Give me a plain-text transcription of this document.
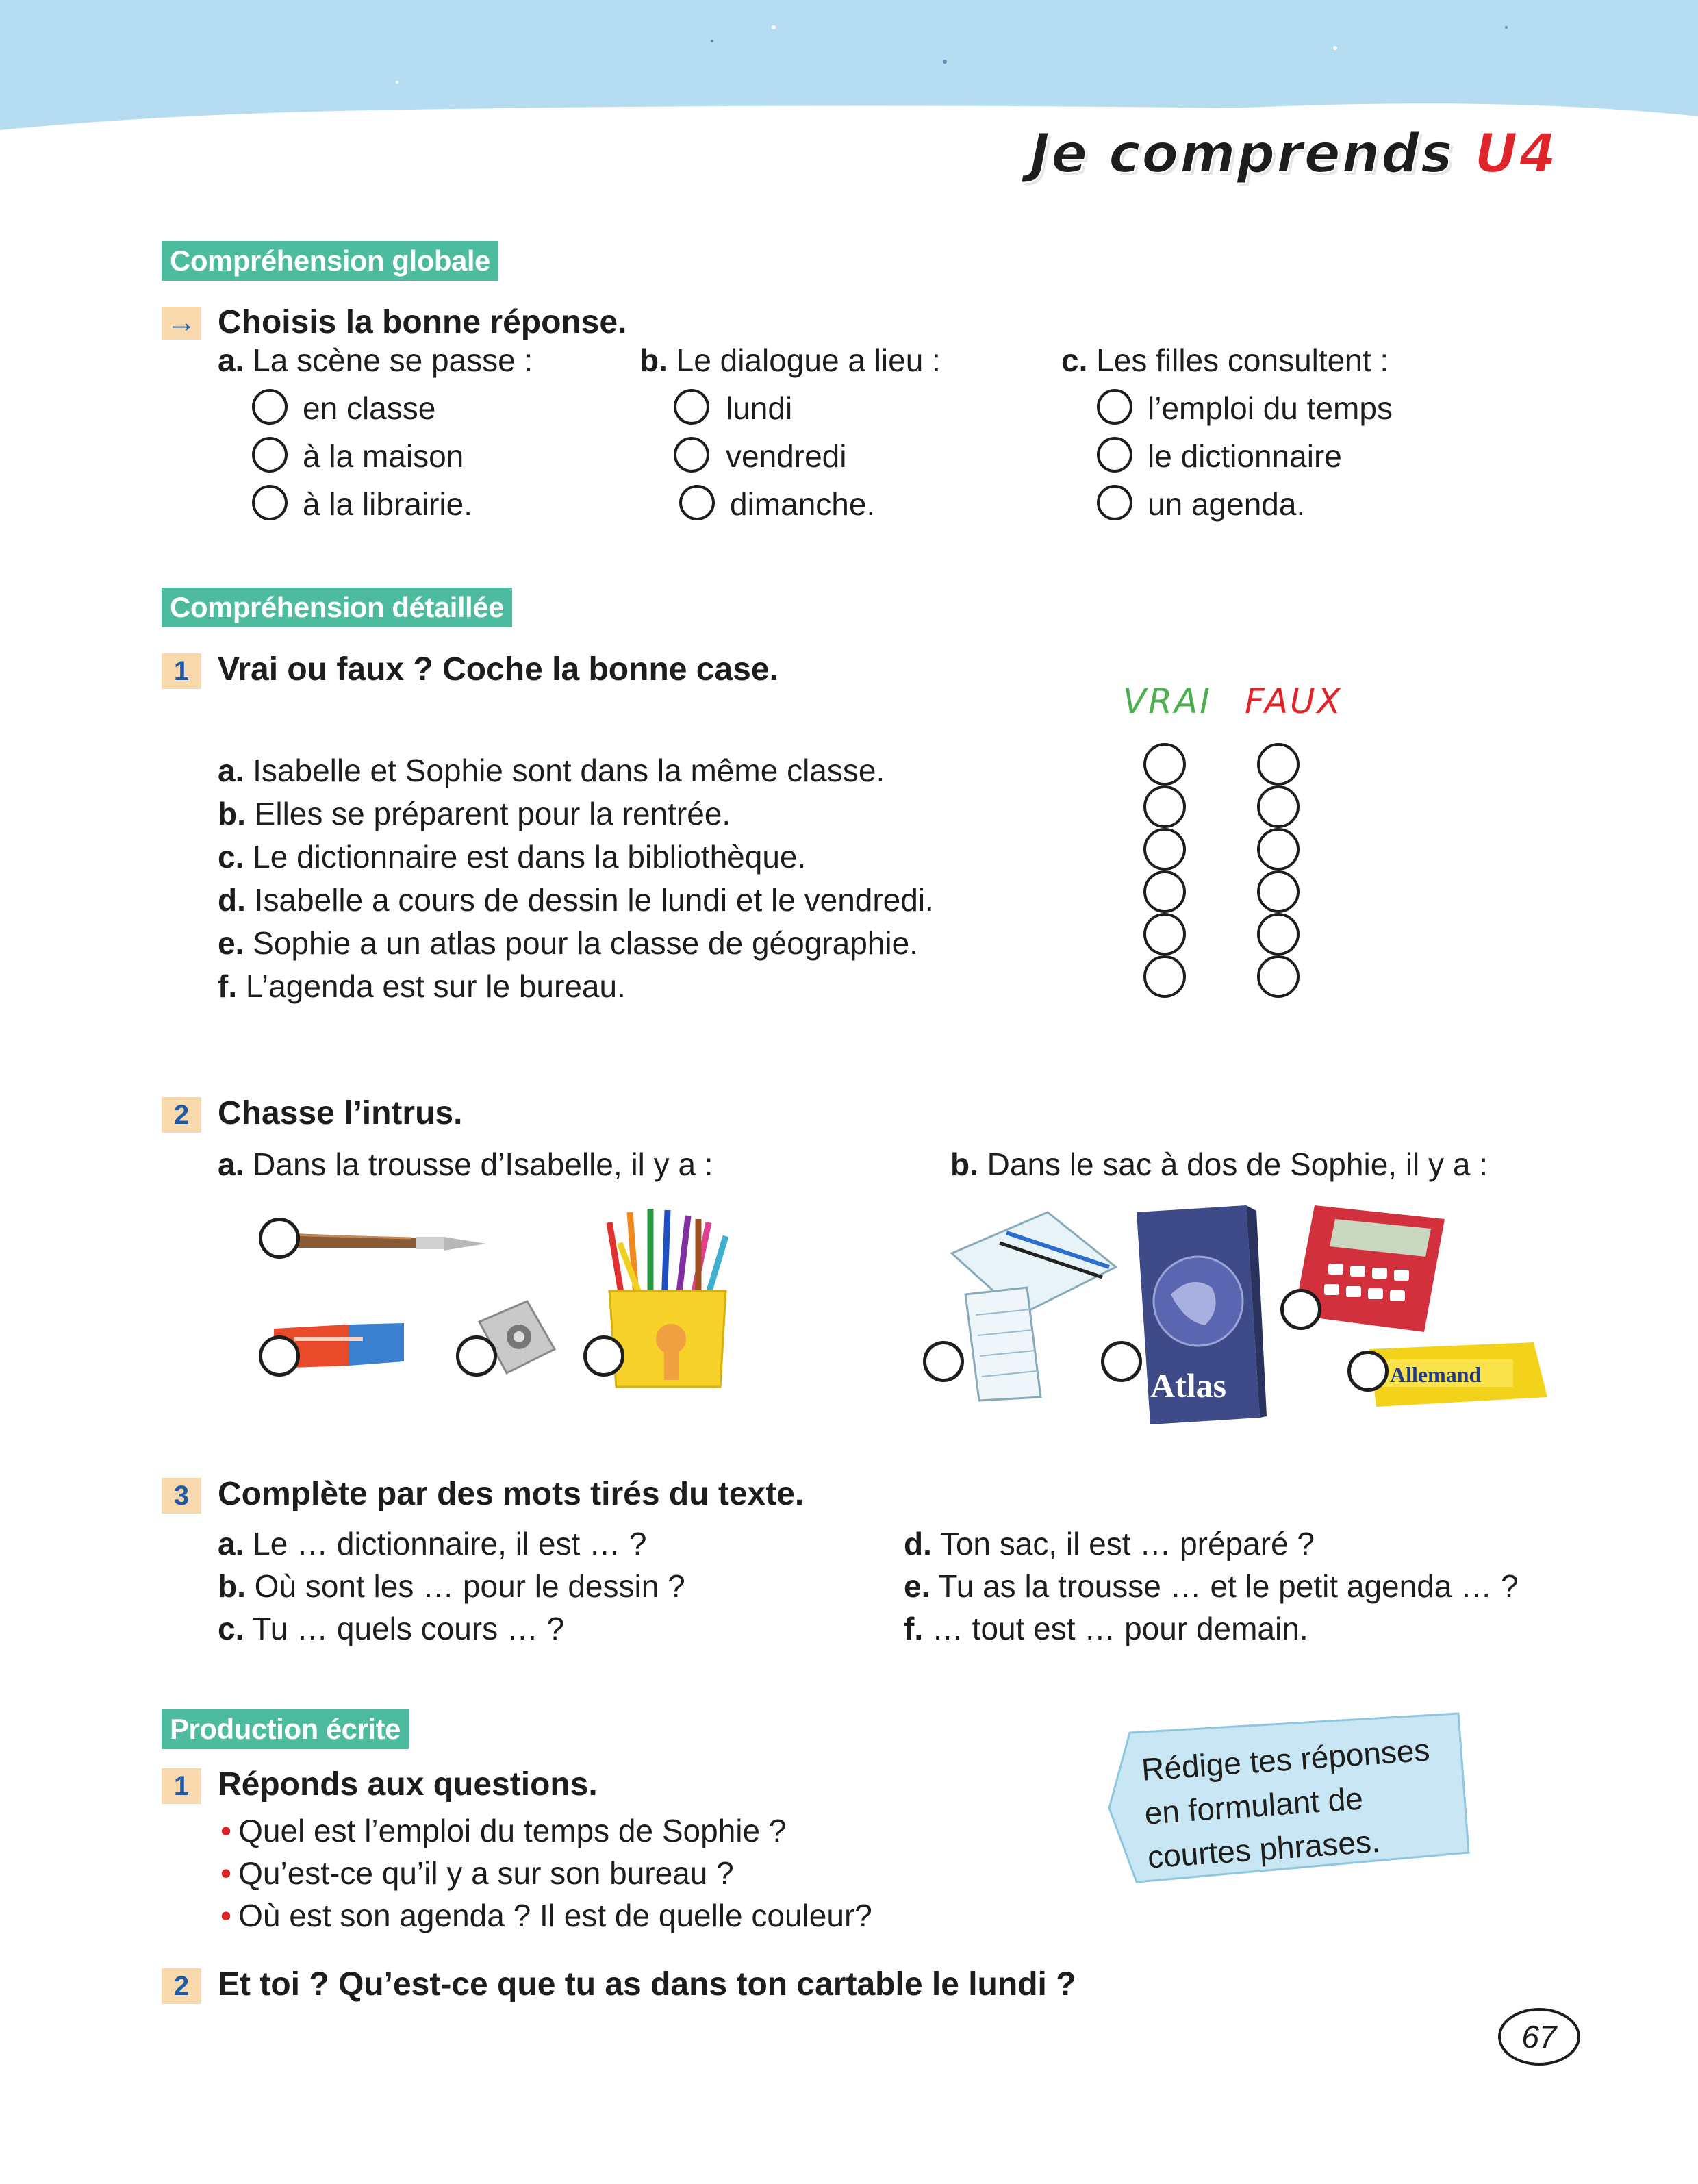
Je comprends U4
Compréhension globale
→ Choisis la bonne réponse.
a. La scène se passe :	b. Le dialogue a lieu :	c. Les filles consultent :
en classe
à la maison
à la librairie.
lundi
vendredi
dimanche.
l’emploi du temps
le dictionnaire
un agenda.
Compréhension détaillée
1 Vrai ou faux ? Coche la bonne case.
VRAI FAUX
a. Isabelle et Sophie sont dans la même classe.
b. Elles se préparent pour la rentrée.
c. Le dictionnaire est dans la bibliothèque.
d. Isabelle a cours de dessin le lundi et le vendredi.
e. Sophie a un atlas pour la classe de géographie.
f. L’agenda est sur le bureau.
2 Chasse l’intrus.
a. Dans la trousse d’Isabelle, il y a :	b. Dans le sac à dos de Sophie, il y a :
Atlas	Allemand
3 Complète par des mots tirés du texte.
a. Le … dictionnaire, il est … ?
b. Où sont les … pour le dessin ?
c. Tu … quels cours … ?
d. Ton sac, il est … préparé ?
e. Tu as la trousse … et le petit agenda … ?
f. … tout est … pour demain.
Production écrite
1 Réponds aux questions.
• Quel est l’emploi du temps de Sophie ?
• Qu’est-ce qu’il y a sur son bureau ?
• Où est son agenda ? Il est de quelle couleur?
2 Et toi ? Qu’est-ce que tu as dans ton cartable le lundi ?
Rédige tes réponses
en formulant de
courtes phrases.
67
